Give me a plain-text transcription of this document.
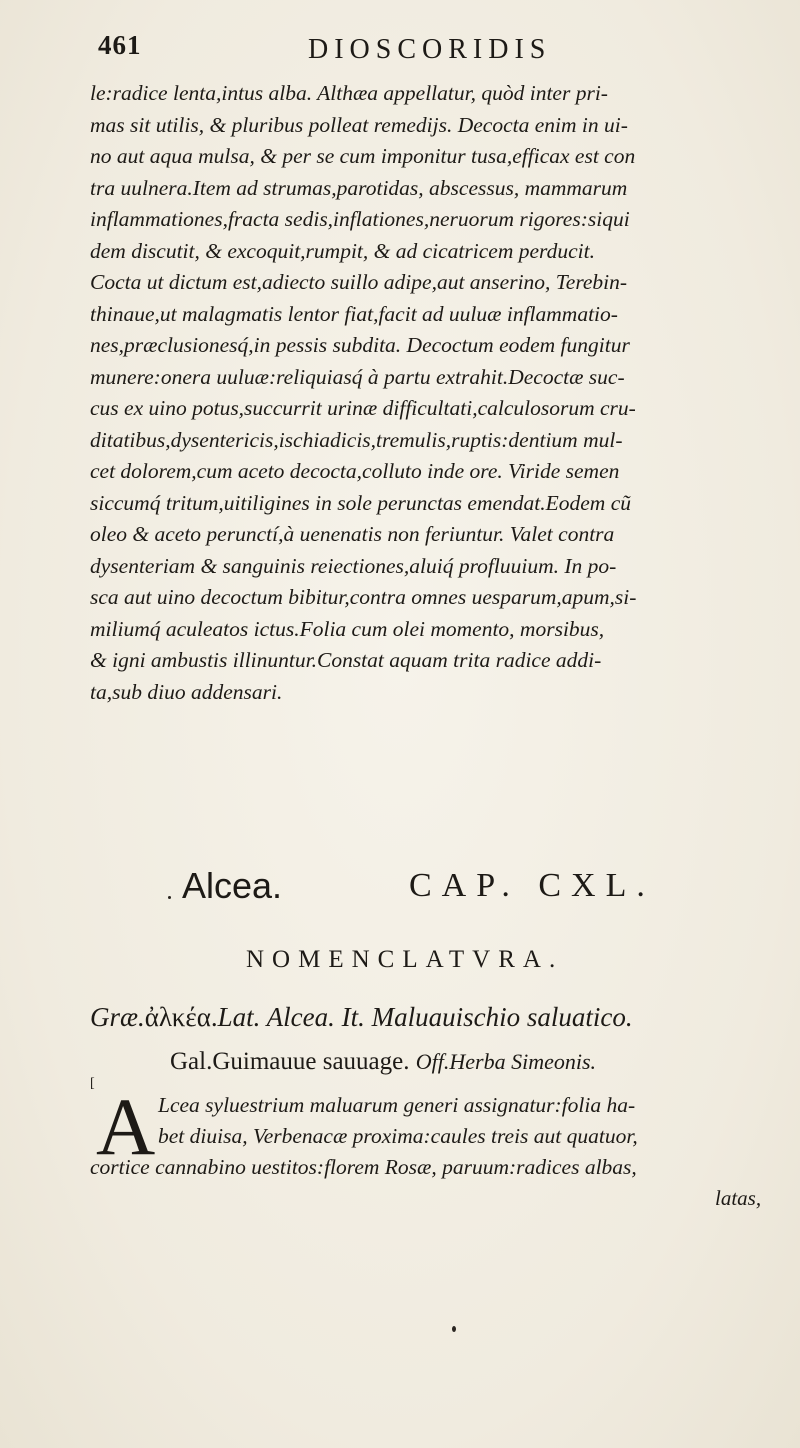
461	DIOSCORIDIS
le:radice lenta,intus alba. Althæa appellatur, quòd inter pri-
mas sit utilis, & pluribus polleat remedijs. Decocta enim in ui-
no aut aqua mulsa, & per se cum imponitur tusa,efficax est con
tra uulnera.Item ad strumas,parotidas, abscessus, mammarum
inflammationes,fracta sedis,inflationes,neruorum rigores:siqui
dem discutit, & excoquit,rumpit, & ad cicatricem perducit.
Cocta ut dictum est,adiecto suillo adipe,aut anserino, Terebin-
thinaue,ut malagmatis lentor fiat,facit ad uuluæ inflammatio-
nes,præclusionesq́,in pessis subdita. Decoctum eodem fungitur
munere:onera uuluæ:reliquiasq́ à partu extrahit.Decoctæ suc-
cus ex uino potus,succurrit urinæ difficultati,calculosorum cru-
ditatibus,dysentericis,ischiadicis,tremulis,ruptis:dentium mul-
cet dolorem,cum aceto decocta,colluto inde ore. Viride semen
siccumq́ tritum,uitiligines in sole perunctas emendat.Eodem cũ
oleo & aceto perunctí,à uenenatis non feriuntur. Valet contra
dysenteriam & sanguinis reiectiones,aluiq́ profluuium. In po-
sca aut uino decoctum bibitur,contra omnes uesparum,apum,si-
miliumq́ aculeatos ictus.Folia cum olei momento, morsibus,
& igni ambustis illinuntur.Constat aquam trita radice addi-
ta,sub diuo addensari.
Alcea.	CAP. CXL.
NOMENCLATVRA.
Græ.ἀλκέα.Lat. Alcea. It. Maluauischio saluatico.
Gal.Guimauue sauuage. Off.Herba Simeonis.
[ A Lcea syluestrium maluarum generi assignatur:folia ha-
bet diuisa, Verbenacæ proxima:caules treis aut quatuor,
cortice cannabino uestitos:florem Rosæ, paruum:radices albas,
latas,
